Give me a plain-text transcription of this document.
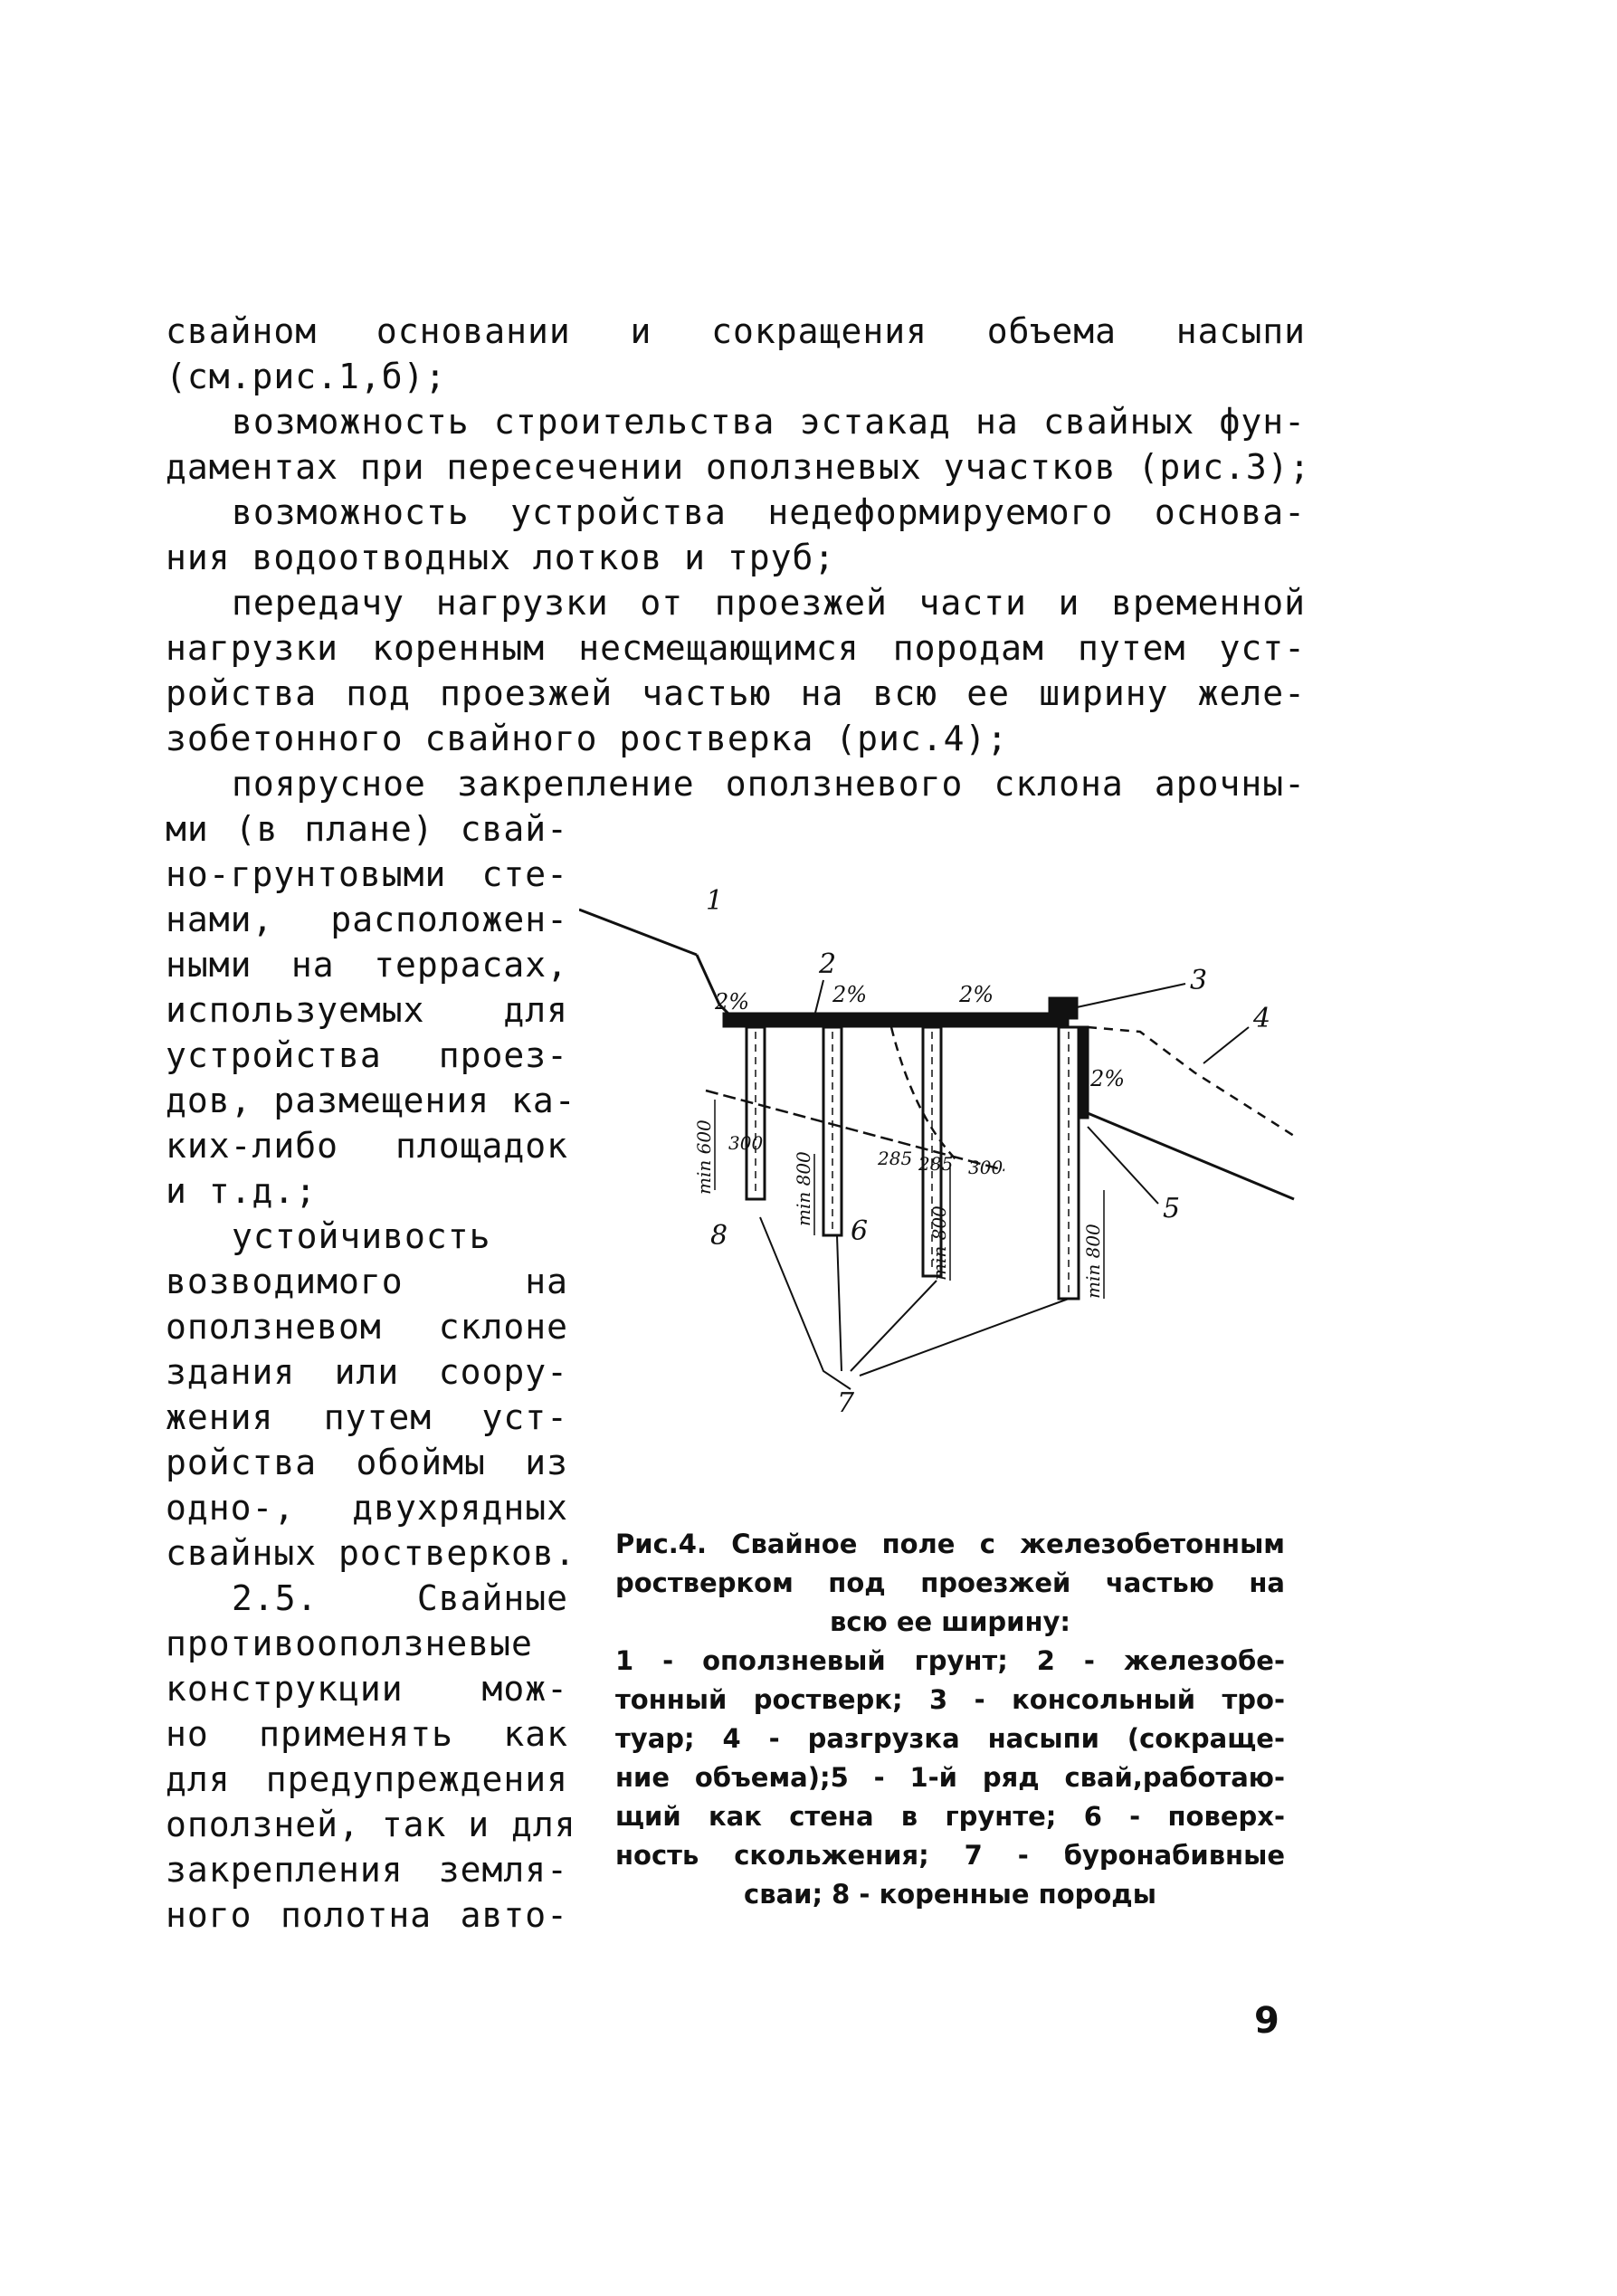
свайном основании и сокращения объема насыпи
(см.рис.1,б);
возможность строительства эстакад на свайных фун-
даментах при пересечении оползневых участков (рис.3);
возможность устройства недеформируемого основа-
ния водоотводных лотков и труб;
передачу нагрузки от проезжей части и временной
нагрузки коренным несмещающимся породам путем уст-
ройства под проезжей частью на всю ее ширину желе-
зобетонного свайного ростверка (рис.4);
поярусное закрепление оползневого склона арочны-
ми (в плане) свай-
но-грунтовыми сте-
нами, расположен-
ными на террасах,
используемых для
устройства проез-
дов, размещения ка-
ких-либо площадок
и т.д.;
устойчивость
возводимого на
оползневом склоне
здания или соору-
жения путем уст-
ройства обоймы из
одно-, двухрядных
свайных ростверков.
2.5. Свайные
противооползневые
конструкции мож-
но применять как
для предупреждения
оползней, так и для
закрепления земля-
ного полотна авто-
1
2
3
4
5
6
7
8
2%	2%	2%
2%
300
285 285 300
min 600	min 800
min 800	min 800
Рис.4. Свайное поле с железобетонным
ростверком под проезжей частью на
всю ее ширину:
1 - оползневый грунт; 2 - железобе-
тонный ростверк; 3 - консольный тро-
туар; 4 - разгрузка насыпи (сокраще-
ние объема);5 - 1-й ряд свай,работаю-
щий как стена в грунте; 6 - поверх-
ность скольжения; 7 - буронабивные
сваи; 8 - коренные породы
9
